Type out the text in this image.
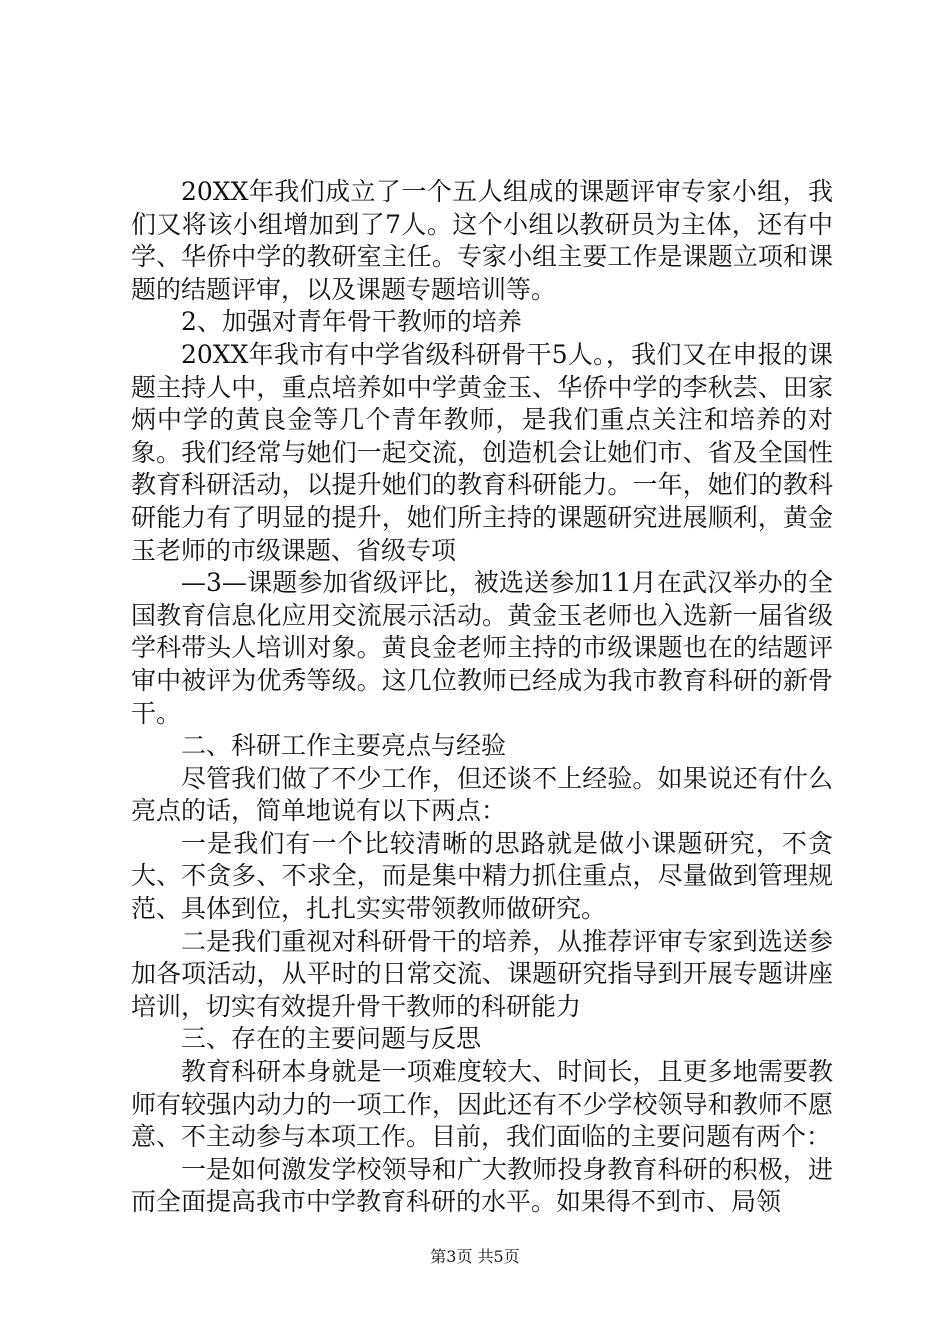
20XX年我们成立了一个五人组成的课题评审专家小组，我们又将该小组增加到了7人。这个小组以教研员为主体，还有中学、华侨中学的教研室主任。专家小组主要工作是课题立项和课题的结题评审，以及课题专题培训等。

2、加强对青年骨干教师的培养

20XX年我市有中学省级科研骨干5人。，我们又在申报的课题主持人中，重点培养如中学黄金玉、华侨中学的李秋芸、田家炳中学的黄良金等几个青年教师，是我们重点关注和培养的对象。我们经常与她们一起交流，创造机会让她们市、省及全国性教育科研活动，以提升她们的教育科研能力。一年，她们的教科研能力有了明显的提升，她们所主持的课题研究进展顺利，黄金玉老师的市级课题、省级专项

—3—课题参加省级评比，被选送参加11月在武汉举办的全国教育信息化应用交流展示活动。黄金玉老师也入选新一届省级学科带头人培训对象。黄良金老师主持的市级课题也在的结题评审中被评为优秀等级。这几位教师已经成为我市教育科研的新骨干。

二、科研工作主要亮点与经验

尽管我们做了不少工作，但还谈不上经验。如果说还有什么亮点的话，简单地说有以下两点：

一是我们有一个比较清晰的思路就是做小课题研究，不贪大、不贪多、不求全，而是集中精力抓住重点，尽量做到管理规范、具体到位，扎扎实实带领教师做研究。

二是我们重视对科研骨干的培养，从推荐评审专家到选送参加各项活动，从平时的日常交流、课题研究指导到开展专题讲座培训，切实有效提升骨干教师的科研能力

三、存在的主要问题与反思

教育科研本身就是一项难度较大、时间长，且更多地需要教师有较强内动力的一项工作，因此还有不少学校领导和教师不愿意、不主动参与本项工作。目前，我们面临的主要问题有两个：

一是如何激发学校领导和广大教师投身教育科研的积极，进而全面提高我市中学教育科研的水平。如果得不到市、局领

第3页 共5页
